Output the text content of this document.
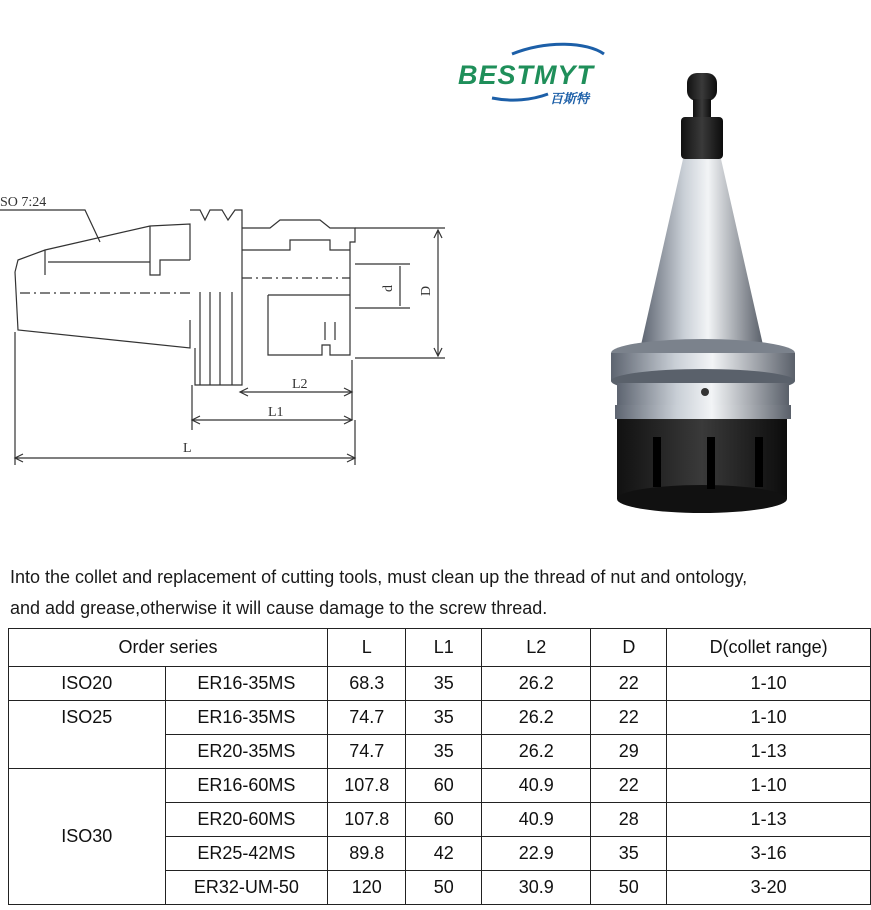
BESTMYT
百斯特
SO 7:24
L
L1
L2
d D
Into the collet and replacement of cutting tools, must clean up the thread of nut and ontology,
and add grease,otherwise it will cause damage to the screw thread.
Order series		L	L1	L2	D	D(collet range)
ISO20	ER16-35MS	68.3	35	26.2	22	1-10
ISO25	ER16-35MS	74.7	35	26.2	22	1-10
	ER20-35MS	74.7	35	26.2	29	1-13
ISO30	ER16-60MS	107.8	60	40.9	22	1-10
	ER20-60MS	107.8	60	40.9	28	1-13
	ER25-42MS	89.8	42	22.9	35	3-16
	ER32-UM-50	120	50	30.9	50	3-20
